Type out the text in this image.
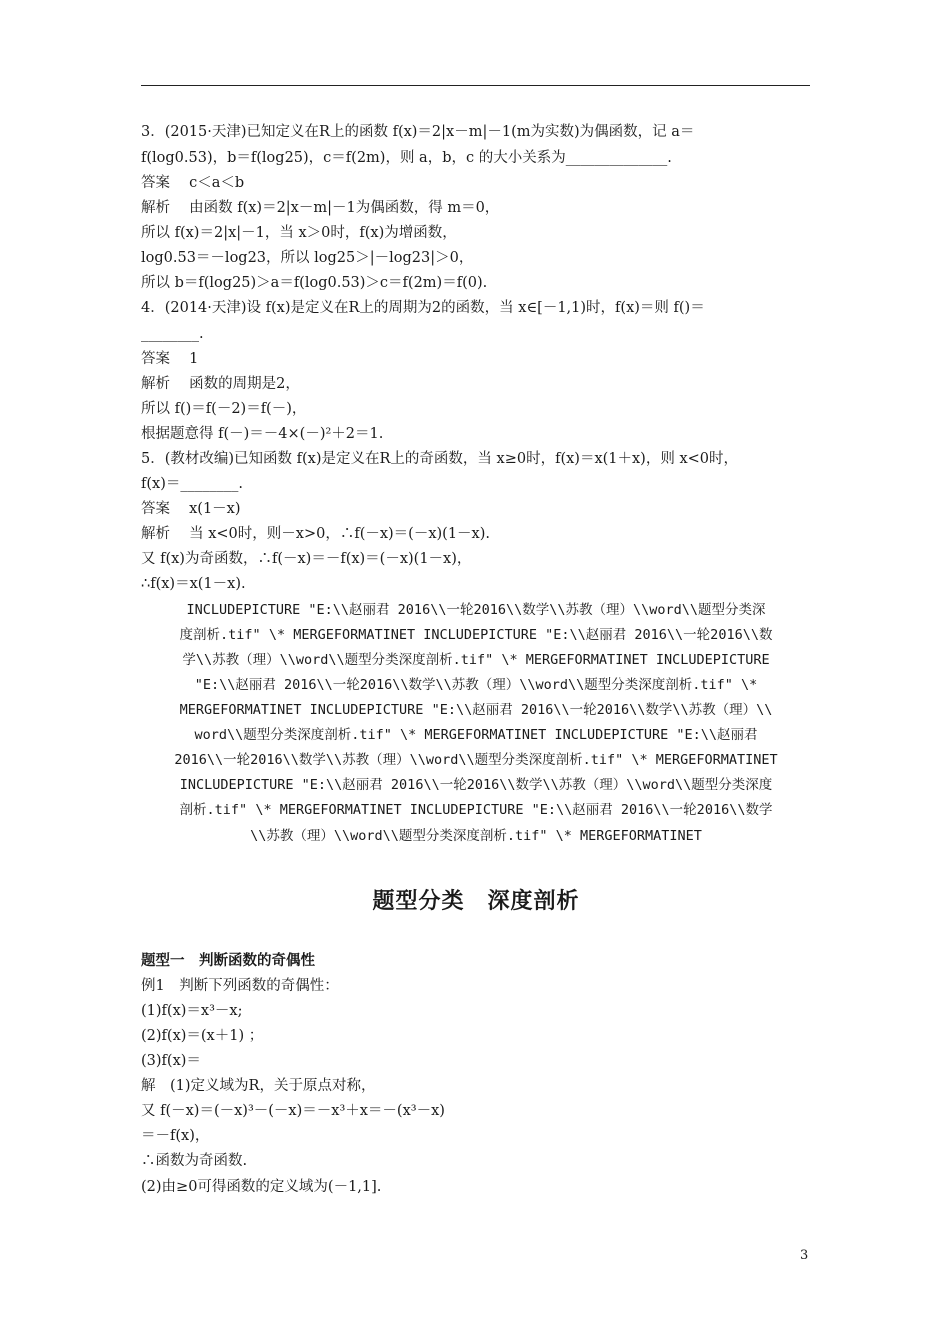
3．(2015·天津)已知定义在R上的函数 f(x)＝2|x－m|－1(m为实数)为偶函数，记 a＝
f(log0.53)，b＝f(log25)，c＝f(2m)，则 a，b，c 的大小关系为______________.
答案　 c＜a＜b
解析　 由函数 f(x)＝2|x－m|－1为偶函数，得 m＝0，
所以 f(x)＝2|x|－1，当 x＞0时，f(x)为增函数，
log0.53＝－log23，所以 log25＞|－log23|＞0，
所以 b＝f(log25)＞a＝f(log0.53)＞c＝f(2m)＝f(0).
4．(2014·天津)设 f(x)是定义在R上的周期为2的函数，当 x∈[－1,1)时，f(x)＝则 f()＝
________.
答案　 1
解析　 函数的周期是2，
所以 f()＝f(－2)＝f(－)，
根据题意得 f(－)＝－4×(－)²＋2＝1.
5．(教材改编)已知函数 f(x)是定义在R上的奇函数，当 x≥0时，f(x)＝x(1＋x)，则 x<0时，
f(x)＝________.
答案　 x(1－x)
解析　 当 x<0时，则－x>0，∴f(－x)＝(－x)(1－x).
又 f(x)为奇函数，∴f(－x)＝－f(x)＝(－x)(1－x)，
∴f(x)＝x(1－x).
INCLUDEPICTURE "E:\\赵丽君 2016\\一轮2016\\数学\\苏教（理）\\word\\题型分类深
度剖析.tif" \* MERGEFORMATINET INCLUDEPICTURE "E:\\赵丽君 2016\\一轮2016\\数
学\\苏教（理）\\word\\题型分类深度剖析.tif" \* MERGEFORMATINET INCLUDEPICTURE
"E:\\赵丽君 2016\\一轮2016\\数学\\苏教（理）\\word\\题型分类深度剖析.tif" \*
MERGEFORMATINET INCLUDEPICTURE "E:\\赵丽君 2016\\一轮2016\\数学\\苏教（理）\\
word\\题型分类深度剖析.tif" \* MERGEFORMATINET INCLUDEPICTURE "E:\\赵丽君
2016\\一轮2016\\数学\\苏教（理）\\word\\题型分类深度剖析.tif" \* MERGEFORMATINET
INCLUDEPICTURE "E:\\赵丽君 2016\\一轮2016\\数学\\苏教（理）\\word\\题型分类深度
剖析.tif" \* MERGEFORMATINET INCLUDEPICTURE "E:\\赵丽君 2016\\一轮2016\\数学
\\苏教（理）\\word\\题型分类深度剖析.tif" \* MERGEFORMATINET
题型分类　深度剖析
题型一　判断函数的奇偶性
例1　判断下列函数的奇偶性：
(1)f(x)＝x³－x;
(2)f(x)＝(x＋1) ；
(3)f(x)＝
解　(1)定义域为R，关于原点对称，
又 f(－x)＝(－x)³－(－x)＝－x³＋x＝－(x³－x)
＝－f(x)，
∴函数为奇函数.
(2)由≥0可得函数的定义域为(－1,1].
3
